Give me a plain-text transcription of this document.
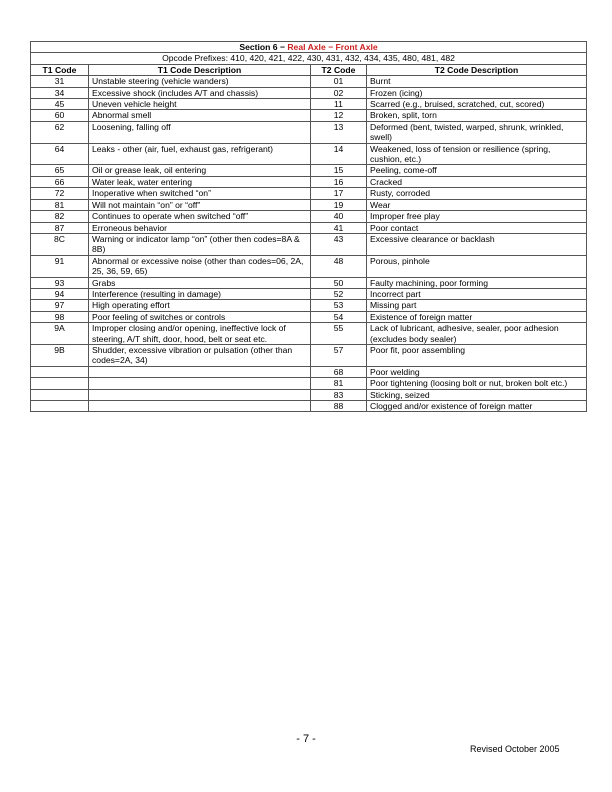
Section 6 − Real Axle − Front Axle			
Opcode Prefixes: 410, 420, 421, 422, 430, 431, 432, 434, 435, 480, 481, 482			
T1 Code	T1 Code Description	T2 Code	T2 Code Description
31	Unstable steering (vehicle wanders)	01	Burnt
34	Excessive shock (includes A/T and chassis)	02	Frozen (icing)
45	Uneven vehicle height	11	Scarred (e.g., bruised, scratched, cut, scored)
60	Abnormal smell	12	Broken, split, torn
62	Loosening, falling off	13	Deformed (bent, twisted, warped, shrunk, wrinkled, swell)
64	Leaks - other (air, fuel, exhaust gas, refrigerant)	14	Weakened, loss of tension or resilience (spring, cushion, etc.)
65	Oil or grease leak, oil entering	15	Peeling, come-off
66	Water leak, water entering	16	Cracked
72	Inoperative when switched “on”	17	Rusty, corroded
81	Will not maintain “on” or “off”	19	Wear
82	Continues to operate when switched “off”	40	Improper free play
87	Erroneous behavior	41	Poor contact
8C	Warning or indicator lamp “on” (other then codes=8A & 8B)	43	Excessive clearance or backlash
91	Abnormal or excessive noise (other than codes=06, 2A, 25, 36, 59, 65)	48	Porous, pinhole
93	Grabs	50	Faulty machining, poor forming
94	Interference (resulting in damage)	52	Incorrect part
97	High operating effort	53	Missing part
98	Poor feeling of switches or controls	54	Existence of foreign matter
9A	Improper closing and/or opening, ineffective lock of steering, A/T shift, door, hood, belt or seat etc.	55	Lack of lubricant, adhesive, sealer, poor adhesion (excludes body sealer)
9B	Shudder, excessive vibration or pulsation (other than codes=2A, 34)	57	Poor fit, poor assembling
		68	Poor welding
		81	Poor tightening (loosing bolt or nut, broken bolt etc.)
		83	Sticking, seized
		88	Clogged and/or existence of foreign matter
- 7 -
Revised October 2005
